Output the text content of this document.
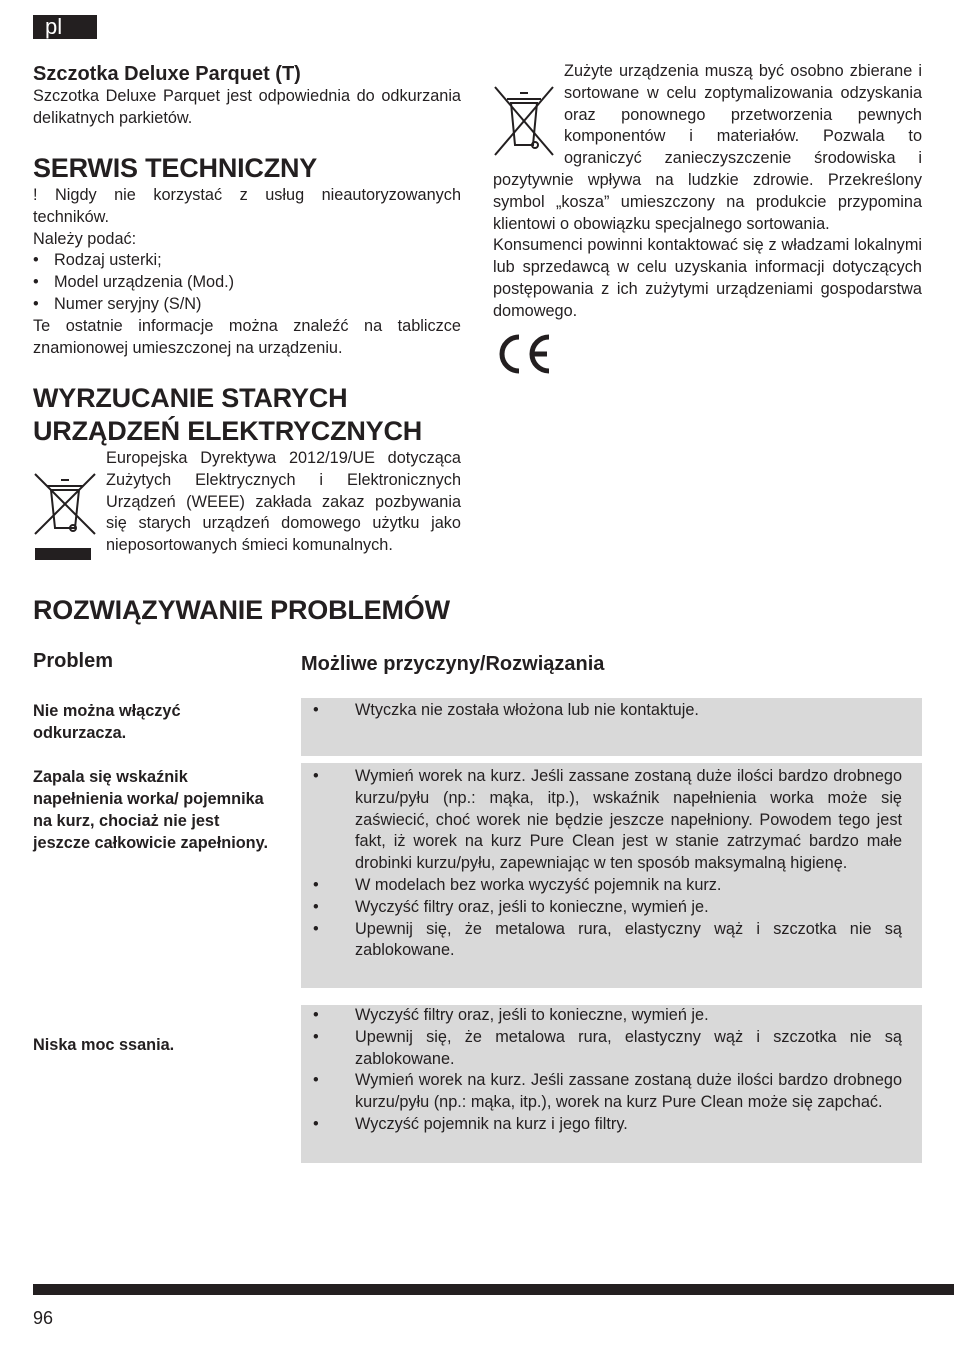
pl
Szczotka Deluxe Parquet (T)

Szczotka Deluxe Parquet jest odpowiednia do odkurzania delikatnych parkietów.

SERWIS TECHNICZNY

! Nigdy nie korzystać z usług nieautoryzowanych techników.

Należy podać:

• Rodzaj usterki;
• Model urządzenia (Mod.)
• Numer seryjny (S/N)

Te ostatnie informacje można znaleźć na tabliczce znamionowej umieszczonej na urządzeniu.

WYRZUCANIE STARYCH
URZĄDZEŃ ELEKTRYCZNYCH
Europejska Dyrektywa 2012/19/UE dotycząca Zużytych Elektrycznych i Elektronicznych Urządzeń (WEEE) zakłada zakaz pozbywania się starych urządzeń domowego użytku jako nieposortowanych śmieci komunalnych.
Zużyte urządzenia muszą być osobno zbierane i sortowane w celu zoptymalizowania odzyskania oraz ponownego przetworzenia pewnych komponentów i materiałów. Pozwala to ograniczyć zanieczyszczenie środowiska i pozytywnie wpływa na ludzkie zdrowie. Przekreślony symbol „kosza” umieszczony na produkcie przypomina klientowi o obowiązku specjalnego sortowania.

Konsumenci powinni kontaktować się z władzami lokalnymi lub sprzedawcą w celu uzyskania informacji dotyczących postępowania z ich zużytymi urządzeniami gospodarstwa domowego.

ROZWIĄZYWANIE PROBLEMÓW
Problem	Możliwe przyczyny/Rozwiązania
Nie można włączyć odkurzacza.
• Wtyczka nie została włożona lub nie kontaktuje.
Zapala się wskaźnik napełnienia worka/ pojemnika na kurz, chociaż nie jest jeszcze całkowicie zapełniony.
• Wymień worek na kurz. Jeśli zassane zostaną duże ilości bardzo drobnego kurzu/pyłu (np.: mąka, itp.), wskaźnik napełnienia worka może się zaświecić, choć worek nie będzie jeszcze napełniony. Powodem tego jest fakt, iż worek na kurz Pure Clean jest w stanie zatrzymać bardzo małe drobinki kurzu/pyłu, zapewniając w ten sposób maksymalną higienę.
• W modelach bez worka wyczyść pojemnik na kurz.
• Wyczyść filtry oraz, jeśli to konieczne, wymień je.
• Upewnij się, że metalowa rura, elastyczny wąż i szczotka nie są zablokowane.
Niska moc ssania.
• Wyczyść filtry oraz, jeśli to konieczne, wymień je.
• Upewnij się, że metalowa rura, elastyczny wąż i szczotka nie są zablokowane.
• Wymień worek na kurz. Jeśli zassane zostaną duże ilości bardzo drobnego kurzu/pyłu (np.: mąka, itp.), worek na kurz Pure Clean może się zapchać.
• Wyczyść pojemnik na kurz i jego filtry.
96
